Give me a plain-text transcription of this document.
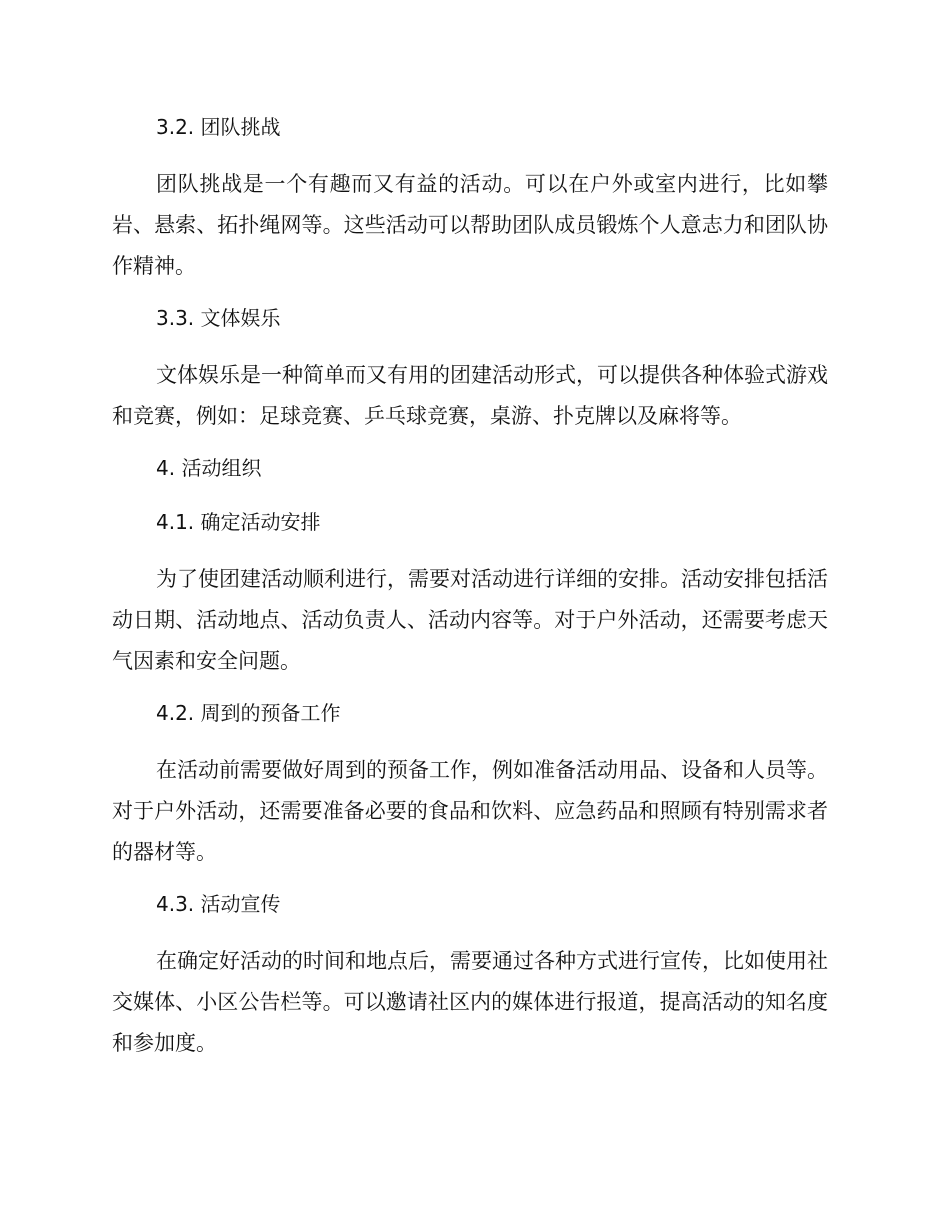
3.2. 团队挑战

团队挑战是一个有趣而又有益的活动。可以在户外或室内进行，比如攀岩、悬索、拓扑绳网等。这些活动可以帮助团队成员锻炼个人意志力和团队协作精神。

3.3. 文体娱乐

文体娱乐是一种简单而又有用的团建活动形式，可以提供各种体验式游戏和竞赛，例如：足球竞赛、乒乓球竞赛，桌游、扑克牌以及麻将等。

4. 活动组织
4.1. 确定活动安排

为了使团建活动顺利进行，需要对活动进行详细的安排。活动安排包括活动日期、活动地点、活动负责人、活动内容等。对于户外活动，还需要考虑天气因素和安全问题。

4.2. 周到的预备工作

在活动前需要做好周到的预备工作，例如准备活动用品、设备和人员等。对于户外活动，还需要准备必要的食品和饮料、应急药品和照顾有特别需求者的器材等。

4.3. 活动宣传

在确定好活动的时间和地点后，需要通过各种方式进行宣传，比如使用社交媒体、小区公告栏等。可以邀请社区内的媒体进行报道，提高活动的知名度和参加度。
